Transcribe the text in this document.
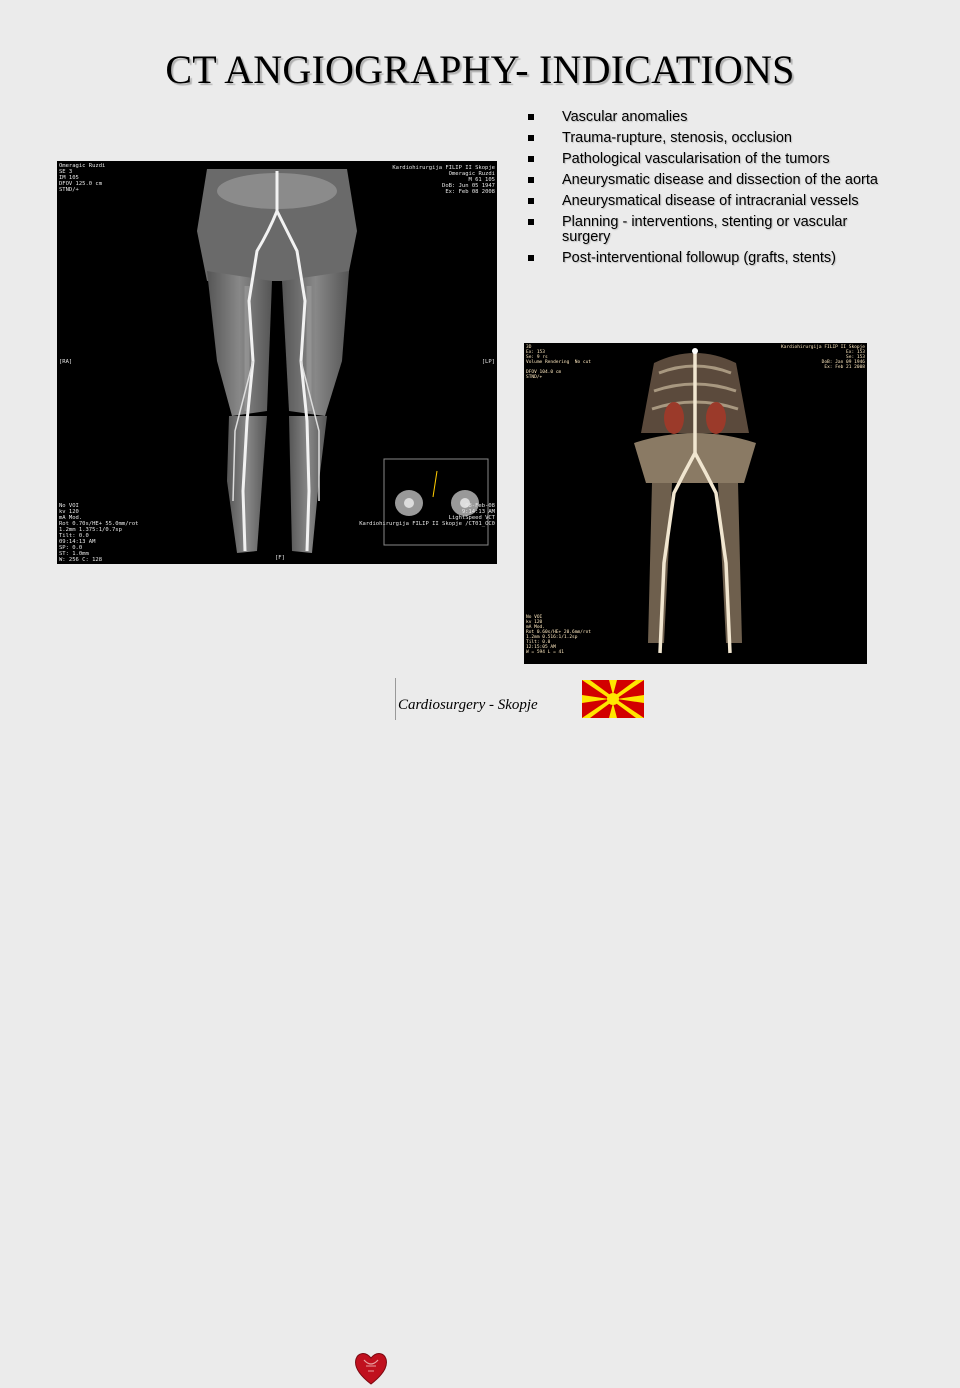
CT ANGIOGRAPHY- INDICATIONS
Vascular anomalies
Trauma-rupture, stenosis, occlusion
Pathological vascularisation of the tumors
Aneurysmatic disease and dissection of the aorta
Aneurysmatical disease of intracranial vessels
Planning - interventions, stenting or vascular surgery
Post-interventional followup (grafts, stents)
Omeragic Ruzdi
SE 3
IM 105
DFOV 125.0 cm
STND/+
Kardiohirurgija FILIP II Skopje
Omeragic Ruzdi
M 61 105
DoB: Jun 05 1947
Ex: Feb 08 2008
No VOI
kv 120
mA Mod.
Rot 0.70s/HE+ 55.0mm/rot
1.2mm 1.375:1/0.7sp
Tilt: 0.0
09:14:13 AM
SP: 0.0
ST: 1.0mm
W: 256 C: 128
08-Feb-08
9:14:13 AM
LightSpeed VCT
Kardiohirurgija FILIP II Skopje /CT01_OC0
[RA]	[LP]
[F]
3D
Ex: 153
Se: 9 rs
Volume Rendering  No cut

DFOV 104.0 cm
STND/+
Kardiohirurgija FILIP II Skopje
Ex: 153
Se: 153
DoB: Jan 09 1946
Ex: Feb 21 2008
No VOI
kv 120
mA Mod.
Rot 0.60s/HE+ 20.6mm/rot
1.2mm 0.516:1/1.2sp
Tilt: 0.0
12:15:05 AM
W = 594 L = 41
Cardiosurgery - Skopje
